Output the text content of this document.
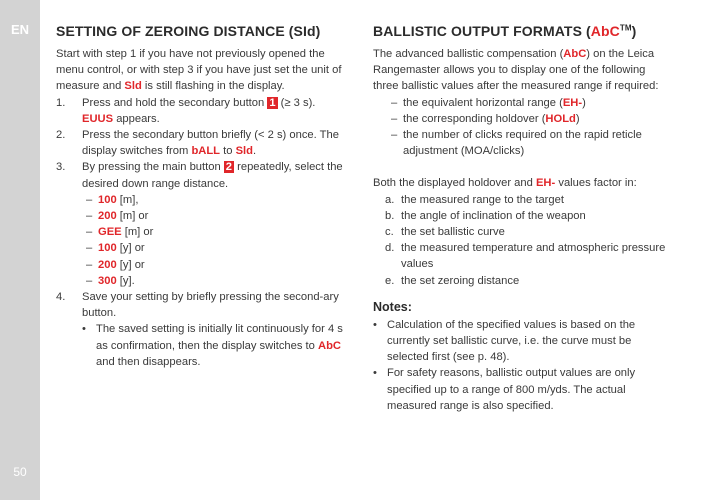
EN
50
SETTING OF ZEROING DISTANCE (SId)

Start with step 1 if you have not previously opened the menu control, or with step 3 if you have just set the unit of measure and Sld is still flashing in the display.

1. Press and hold the secondary button 1 (≥ 3 s).
EUUS appears.
2. Press the secondary button briefly (< 2 s) once. The display switches from bALL to Sld.
3. By pressing the main button 2 repeatedly, select the desired down range distance.
– 100 [m],
– 200 [m] or
– GEE [m] or
– 100 [y] or
– 200 [y] or
– 300 [y].
4. Save your setting by briefly pressing the second-ary button.
• The saved setting is initially lit continuously for 4 s as confirmation, then the display switches to AbC and then disappears.
BALLISTIC OUTPUT FORMATS (AbC™)

The advanced ballistic compensation (AbC) on the Leica Rangemaster allows you to display one of the following three ballistic values after the measured range if required:

– the equivalent horizontal range (EH-)
– the corresponding holdover (HOLd)
– the number of clicks required on the rapid reticle adjustment (MOA/clicks)

Both the displayed holdover and EH- values factor in:

a. the measured range to the target
b. the angle of inclination of the weapon
c. the set ballistic curve
d. the measured temperature and atmospheric pressure values
e. the set zeroing distance
Notes:
• Calculation of the specified values is based on the currently set ballistic curve, i.e. the curve must be selected first (see p. 48).
• For safety reasons, ballistic output values are only specified up to a range of 800 m/yds. The actual measured range is also specified.
